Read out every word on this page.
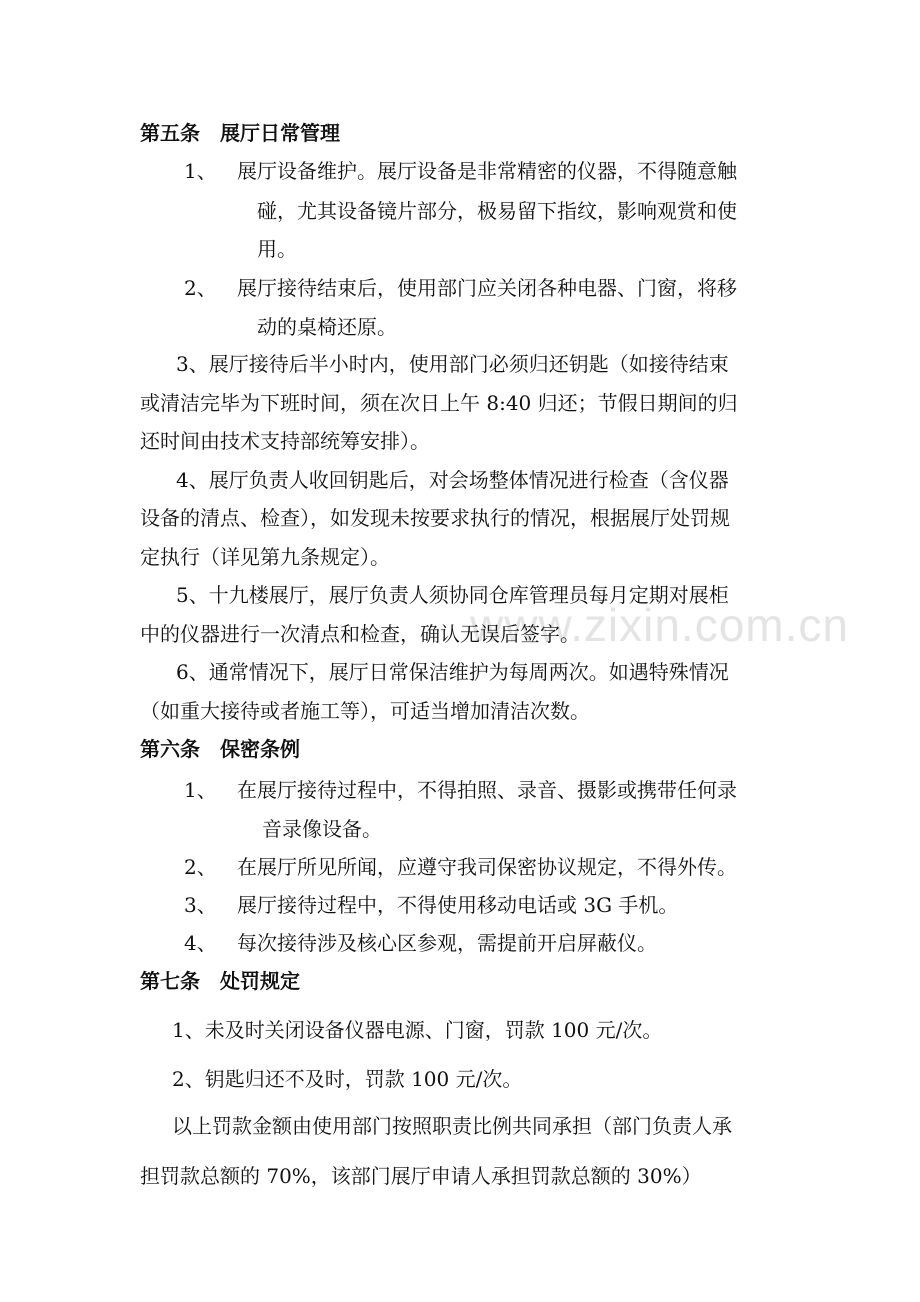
www.zixin.com.cn
第五条　展厅日常管理
1、 展厅设备维护。展厅设备是非常精密的仪器，不得随意触
碰，尤其设备镜片部分，极易留下指纹，影响观赏和使
用。
2、 展厅接待结束后，使用部门应关闭各种电器、门窗，将移
动的桌椅还原。
3、展厅接待后半小时内，使用部门必须归还钥匙（如接待结束
或清洁完毕为下班时间，须在次日上午 8:40 归还；节假日期间的归
还时间由技术支持部统筹安排）。
4、展厅负责人收回钥匙后，对会场整体情况进行检查（含仪器
设备的清点、检查），如发现未按要求执行的情况，根据展厅处罚规
定执行（详见第九条规定）。
5、十九楼展厅，展厅负责人须协同仓库管理员每月定期对展柜
中的仪器进行一次清点和检查，确认无误后签字。
6、通常情况下，展厅日常保洁维护为每周两次。如遇特殊情况
（如重大接待或者施工等），可适当增加清洁次数。
第六条　保密条例
1、 在展厅接待过程中，不得拍照、录音、摄影或携带任何录
音录像设备。
2、 在展厅所见所闻，应遵守我司保密协议规定，不得外传。
3、 展厅接待过程中，不得使用移动电话或 3G 手机。
4、 每次接待涉及核心区参观，需提前开启屏蔽仪。
第七条　处罚规定
1、未及时关闭设备仪器电源、门窗，罚款 100 元/次。
2、钥匙归还不及时，罚款 100 元/次。
以上罚款金额由使用部门按照职责比例共同承担（部门负责人承
担罚款总额的 70%，该部门展厅申请人承担罚款总额的 30%）
